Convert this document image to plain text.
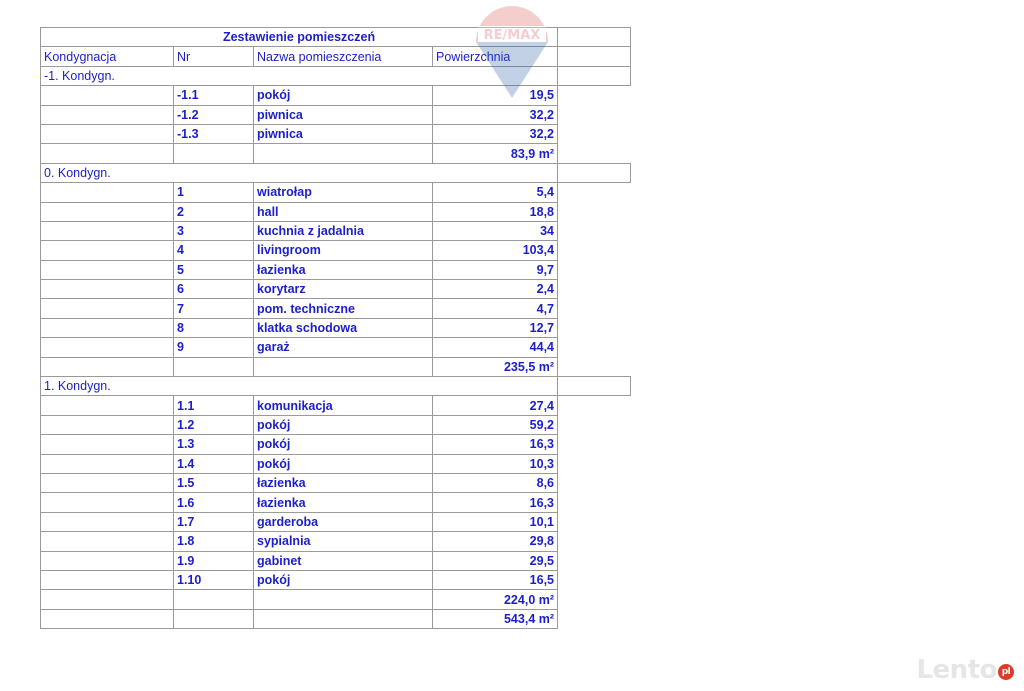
Zestawienie pomieszczeń				
Kondygnacja	Nr	Nazwa pomieszczenia	Powierzchnia	
-1. Kondygn.				
	-1.1	pokój	19,5	
	-1.2	piwnica	32,2	
	-1.3	piwnica	32,2	
			83,9 m²	
0. Kondygn.				
	1	wiatrołap	5,4	
	2	hall	18,8	
	3	kuchnia z jadalnia	34	
	4	livingroom	103,4	
	5	łazienka	9,7	
	6	korytarz	2,4	
	7	pom. techniczne	4,7	
	8	klatka schodowa	12,7	
	9	garaż	44,4	
			235,5 m²	
1. Kondygn.				
	1.1	komunikacja	27,4	
	1.2	pokój	59,2	
	1.3	pokój	16,3	
	1.4	pokój	10,3	
	1.5	łazienka	8,6	
	1.6	łazienka	16,3	
	1.7	garderoba	10,1	
	1.8	sypialnia	29,8	
	1.9	gabinet	29,5	
	1.10	pokój	16,5	
			224,0 m²	
			543,4 m²	
RE/MAX
Lento pl
